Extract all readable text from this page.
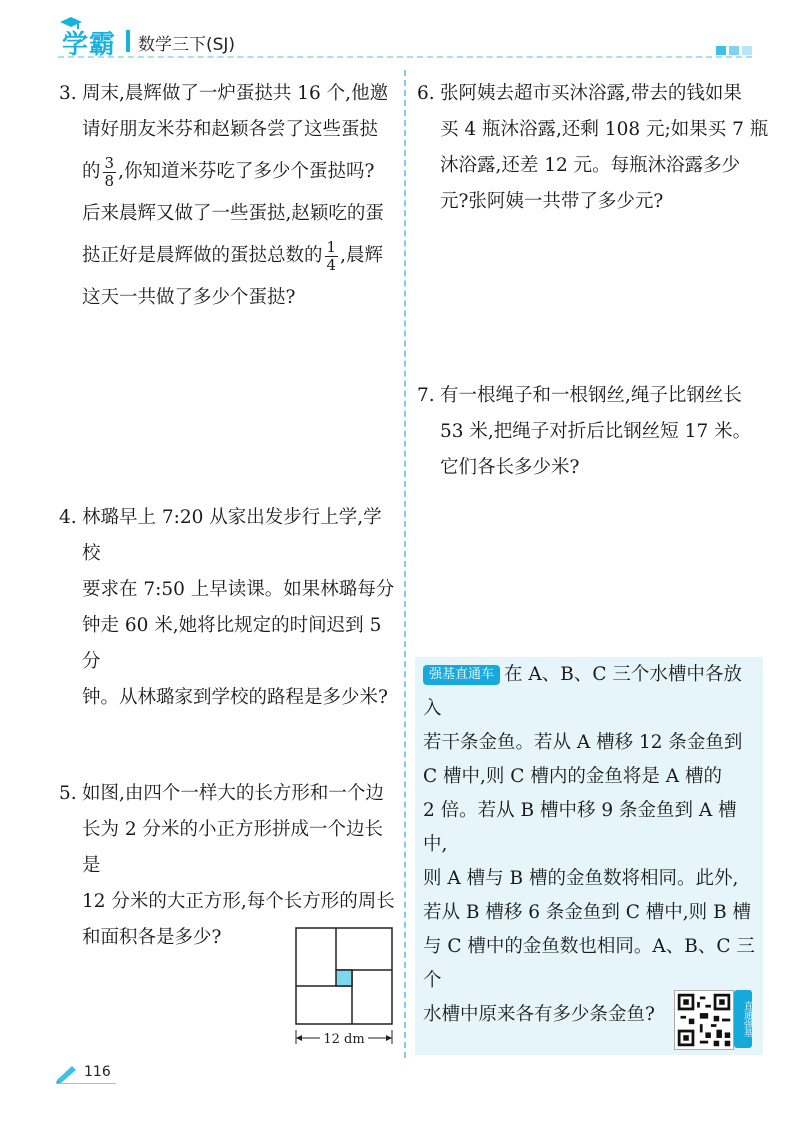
学霸 数学三下(SJ)
3. 周末,晨辉做了一炉蛋挞共 16 个,他邀

请好朋友米芬和赵颖各尝了这些蛋挞

的 $\frac{3}{8}$ ,你知道米芬吃了多少个蛋挞吗?

后来晨辉又做了一些蛋挞,赵颖吃的蛋

挞正好是晨辉做的蛋挞总数的 $\frac{1}{4}$ ,晨辉

这天一共做了多少个蛋挞?

4. 林璐早上 7:20 从家出发步行上学,学校

要求在 7:50 上早读课。如果林璐每分

钟走 60 米,她将比规定的时间迟到 5 分

钟。从林璐家到学校的路程是多少米?

5. 如图,由四个一样大的长方形和一个边

长为 2 分米的小正方形拼成一个边长是

12 分米的大正方形,每个长方形的周长

和面积各是多少?

12 dm
6. 张阿姨去超市买沐浴露,带去的钱如果

买 4 瓶沐浴露,还剩 108 元;如果买 7 瓶

沐浴露,还差 12 元。每瓶沐浴露多少

元?张阿姨一共带了多少元?

7. 有一根绳子和一根钢丝,绳子比钢丝长

53 米,把绳子对折后比钢丝短 17 米。

它们各长多少米?

强基直通车 在 A、B、C 三个水槽中各放入
若干条金鱼。若从 A 槽移 12 条金鱼到
C 槽中,则 C 槽内的金鱼将是 A 槽的
2 倍。若从 B 槽中移 9 条金鱼到 A 槽中,
则 A 槽与 B 槽的金鱼数将相同。此外,
若从 B 槽移 6 条金鱼到 C 槽中,则 B 槽
与 C 槽中的金鱼数也相同。A、B、C 三个
水槽中原来各有多少条金鱼?	直通强基
116
